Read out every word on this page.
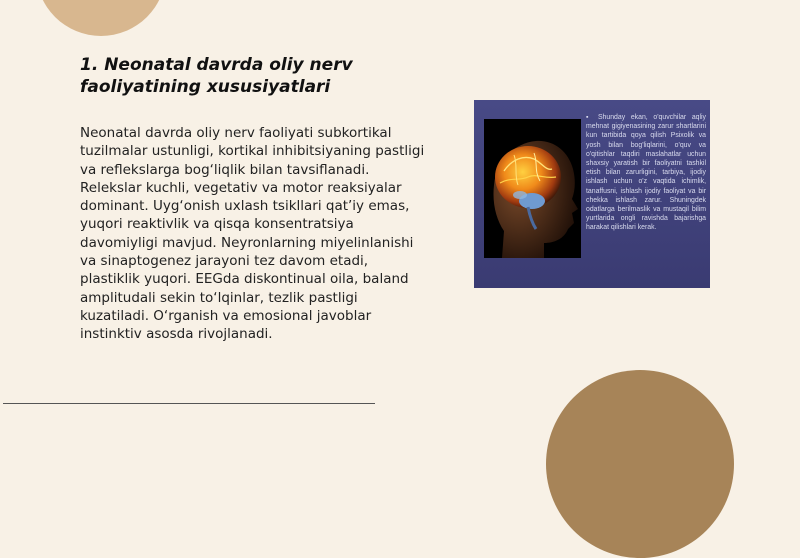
1. Neonatal davrda oliy nerv faoliyatining xususiyatlari

Neonatal davrda oliy nerv faoliyati subkortikal tuzilmalar ustunligi, kortikal inhibitsiyaning pastligi va reflekslarga bog‘liqlik bilan tavsiflanadi. Relekslar kuchli, vegetativ va motor reaksiyalar dominant. Uyg‘onish uxlash tsikllari qat’iy emas, yuqori reaktivlik va qisqa konsentratsiya davomiyligi mavjud. Neyronlarning miyelinlanishi va sinaptogenez jarayoni tez davom etadi, plastiklik yuqori. EEGda diskontinual oila, baland amplitudali sekin to‘lqinlar, tezlik pastligi kuzatiladi. O‘rganish va emosional javoblar instinktiv asosda rivojlanadi.

▪ Shunday ekan, o'quvchilar aqliy mehnat gigiyenasining zarur shartlarini kun tartibida qoya qilish Psixolik va yosh bilan bog'liqlarini, o'quv va o'qitishlar taqdiri maslahatlar uchun shaxsiy yaratish bir faoliyatni tashkil etish bilan zarurligini, tarbiya, ijodiy ishlash uchun o'z vaqtida ichimlik, tanaffusni, ishlash ijodiy faoliyat va bir chekka ishlash zarur. Shuningdek odatlarga berilmaslik va mustaqil bilim yurtlarida ongli ravishda bajarishga harakat qilishlari kerak.
